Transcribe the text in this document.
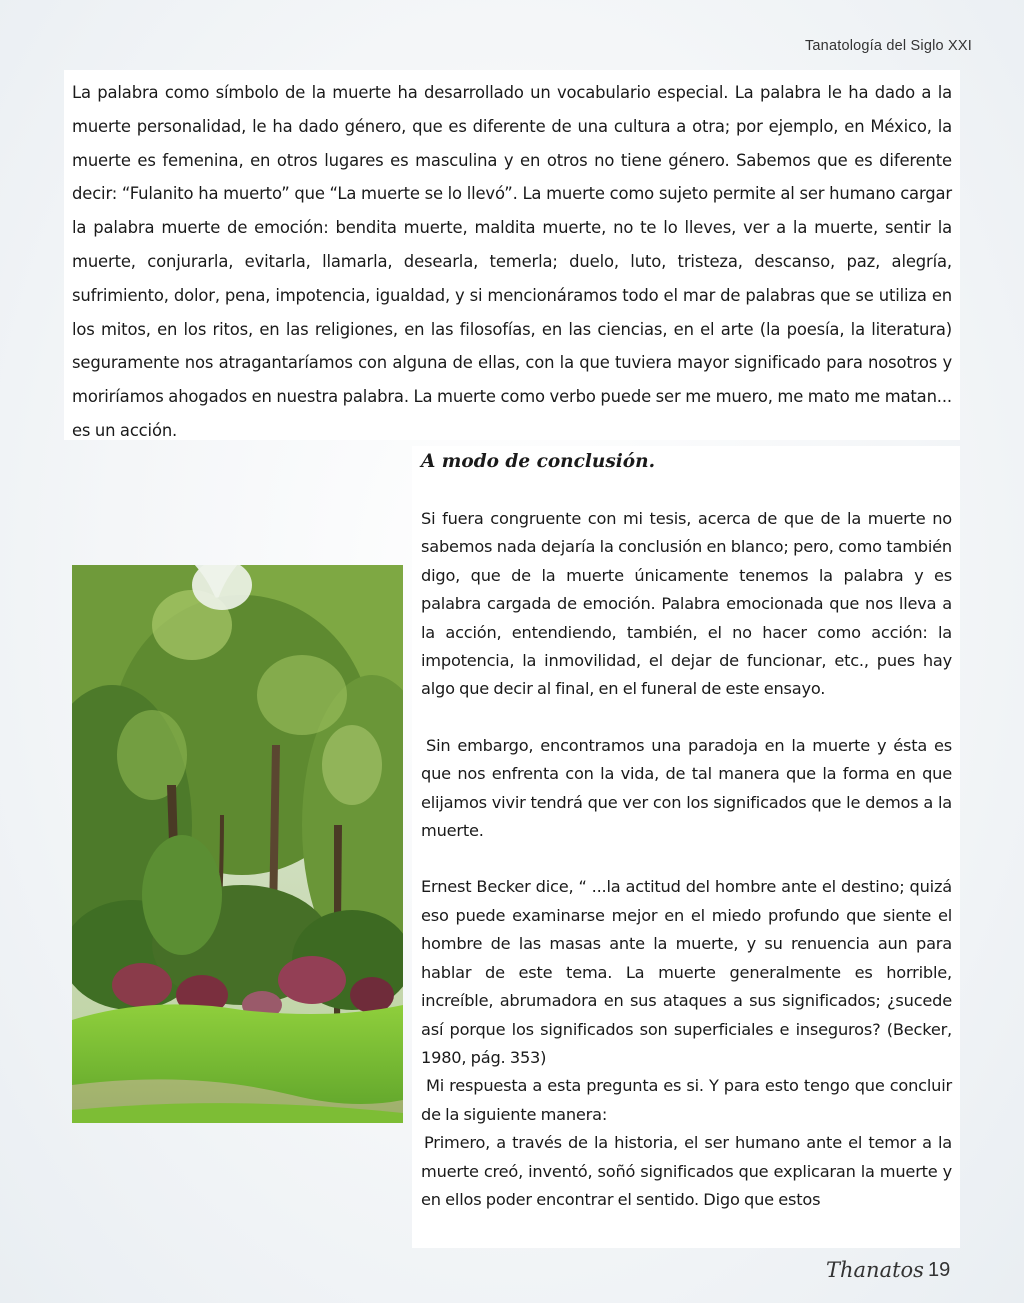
Tanatología del Siglo XXI

La palabra como símbolo de la muerte ha desarrollado un vocabulario especial. La palabra le ha dado a la muerte personalidad, le ha dado género, que es diferente de una cultura a otra; por ejemplo, en México, la muerte es femenina, en otros lugares es masculina y en otros no tiene género. Sabemos que es diferente decir: “Fulanito ha muerto” que “La muerte se lo llevó”. La muerte como sujeto permite al ser humano cargar la palabra muerte de emoción: bendita muerte, maldita muerte, no te lo lleves, ver a la muerte, sentir la muerte, conjurarla, evitarla, llamarla, desearla, temerla; duelo, luto, tristeza, descanso, paz, alegría, sufrimiento, dolor, pena, impotencia, igualdad, y si mencionáramos todo el mar de palabras que se utiliza en los mitos, en los ritos, en las religiones, en las filosofías, en las ciencias, en el arte (la poesía, la literatura) seguramente nos atragantaríamos con alguna de ellas, con la que tuviera mayor significado para nosotros y moriríamos ahogados en nuestra palabra. La muerte como verbo puede ser me muero, me mato me matan... es un acción.

A modo de conclusión.

Si fuera congruente con mi tesis, acerca de que de la muerte no sabemos nada dejaría la conclusión en blanco; pero, como también digo, que de la muerte únicamente tenemos la palabra y es palabra cargada de emoción. Palabra emocionada que nos lleva a la acción, entendiendo, también, el no hacer como acción: la impotencia, la inmovilidad, el dejar de funcionar, etc., pues hay algo que decir al final, en el funeral de este ensayo.

Sin embargo, encontramos una paradoja en la muerte y ésta es que nos enfrenta con la vida, de tal manera que la forma en que elijamos vivir tendrá que ver con los significados que le demos a la muerte.

Ernest Becker dice, “ ...la actitud del hombre ante el destino; quizá eso puede examinarse mejor en el miedo profundo que siente el hombre de las masas ante la muerte, y su renuencia aun para hablar de este tema. La muerte generalmente es horrible, increíble, abrumadora en sus ataques a sus significados; ¿sucede así porque los significados son superficiales e inseguros? (Becker, 1980, pág. 353)

Mi respuesta a esta pregunta es si. Y para esto tengo que concluir de la siguiente manera:

Primero, a través de la historia, el ser humano ante el temor a la muerte creó, inventó, soñó significados que explicaran la muerte y en ellos poder encontrar el sentido. Digo que estos

Thanatos 19
